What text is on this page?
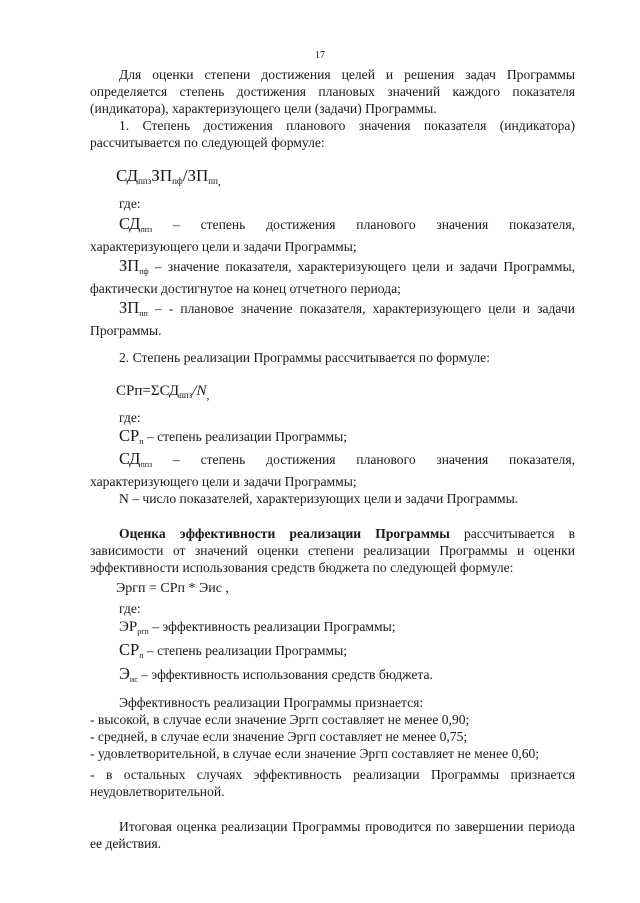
17

Для оценки степени достижения целей и решения задач Программы определяется степень достижения плановых значений каждого показателя (индикатора), характеризующего цели (задачи) Программы.

1. Степень достижения планового значения показателя (индикатора) рассчитывается по следующей формуле:

$СД_{ппз}ЗП_{пф}/ЗП_{пп,}$

где:

$СД_{ппз}$ – степень достижения планового значения показателя, характеризующего цели и задачи Программы;

$ЗП_{пф}$ – значение показателя, характеризующего цели и задачи Программы, фактически достигнутое на конец отчетного периода;

$ЗП_{пп}$ – - плановое значение показателя, характеризующего цели и задачи Программы.

2. Степень реализации Программы рассчитывается по формуле:

$СРп=\Sigma СД_{ппз}/N_,$

где:

$СР_п$ – степень реализации Программы;

$СД_{ппз}$ – степень достижения планового значения показателя, характеризующего цели и задачи Программы;

N – число показателей, характеризующих цели и задачи Программы.

Оценка эффективности реализации Программы рассчитывается в зависимости от значений оценки степени реализации Программы и оценки эффективности использования средств бюджета по следующей формуле:

Эргп = СРп * Эис ,

где:

$ЭР_{ргп}$ – эффективность реализации Программы;

$СР_п$ – степень реализации Программы;

$Э_{ис}$ – эффективность использования средств бюджета.

Эффективность реализации Программы признается:

- высокой, в случае если значение Эргп составляет не менее 0,90;

- средней, в случае если значение Эргп составляет не менее 0,75;

- удовлетворительной, в случае если значение Эргп составляет не менее 0,60;

- в остальных случаях эффективность реализации Программы признается неудовлетворительной.

Итоговая оценка реализации Программы проводится по завершении периода ее действия.
